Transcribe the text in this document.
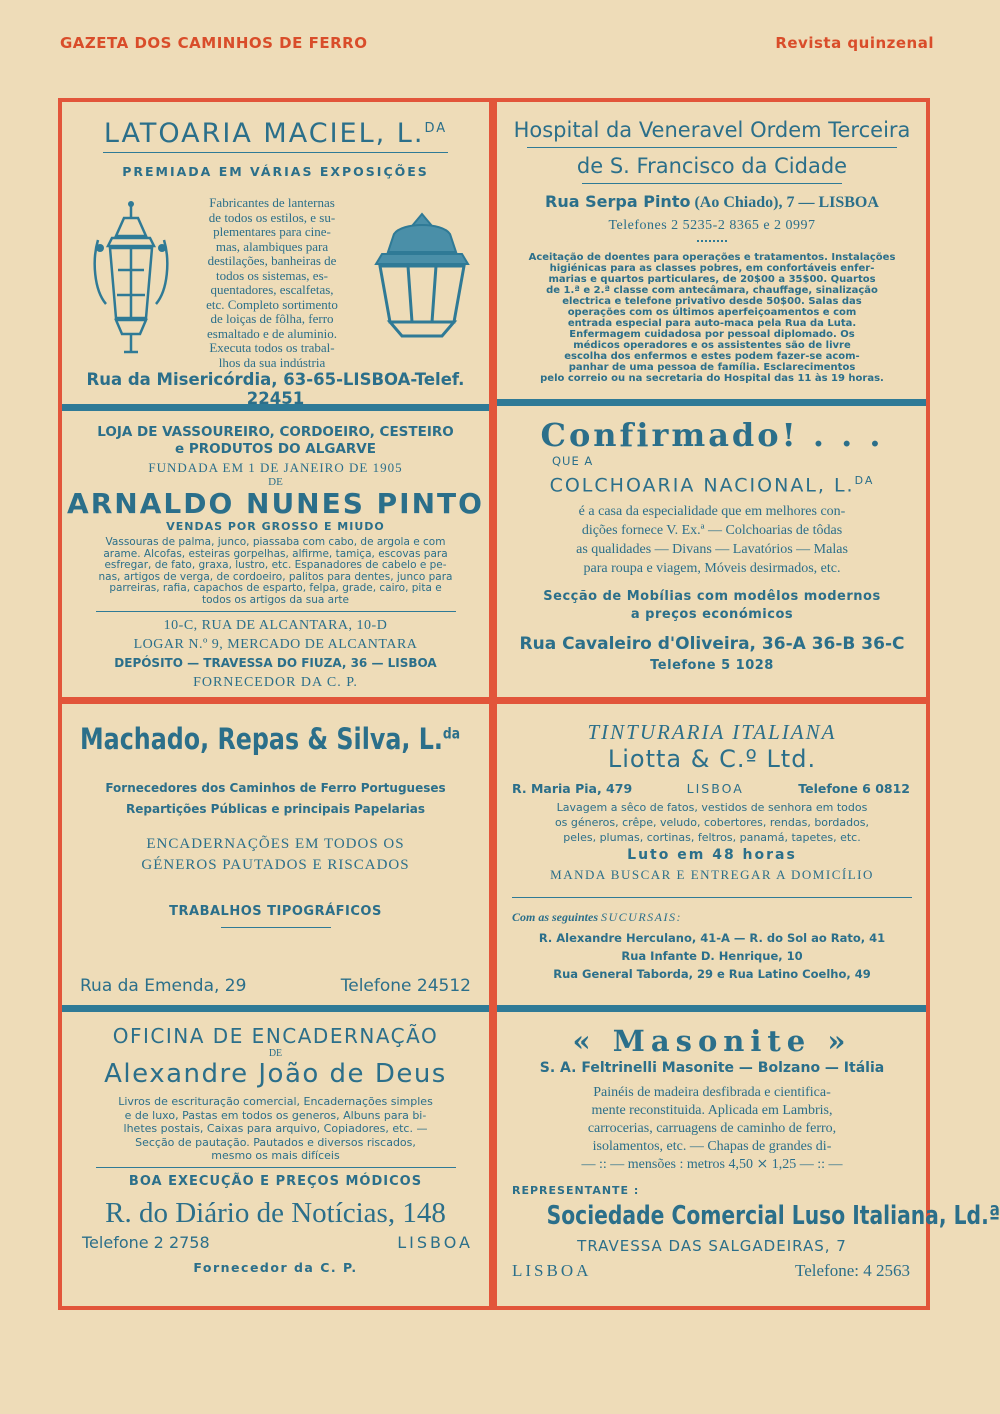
GAZETA DOS CAMINHOS DE FERRO	Revista quinzenal
LATOARIA MACIEL, L.$^{DA}$
PREMIADA EM VÁRIAS EXPOSIÇÕES
Fabricantes de lanternas
de todos os estilos, e su-
plementares para cine-
mas, alambiques para
destilações, banheiras de
todos os sistemas, es-
quentadores, escalfetas,
etc. Completo sortimento
de loiças de fôlha, ferro
esmaltado e de aluminio.
Executa todos os trabal-
lhos da sua indústria
Rua da Misericórdia, 63-65-LISBOA-Telef. 22451
Hospital da Veneravel Ordem Terceira
de S. Francisco da Cidade
Rua Serpa Pinto (Ao Chiado), 7 — LISBOA
Telefones 2 5235-2 8365 e 2 0997
Aceitação de doentes para operações e tratamentos. Instalações
higiénicas para as classes pobres, em confortáveis enfer-
marias e quartos particulares, de 20$00 a 35$00. Quartos
de 1.ª e 2.ª classe com antecâmara, chauffage, sinalização
electrica e telefone privativo desde 50$00. Salas das
operações com os últimos aperfeiçoamentos e com
entrada especial para auto-maca pela Rua da Luta.
Enfermagem cuidadosa por pessoal diplomado. Os
médicos operadores e os assistentes são de livre
escolha dos enfermos e estes podem fazer-se acom-
panhar de uma pessoa de família. Esclarecimentos
pelo correio ou na secretaria do Hospital das 11 às 19 horas.
LOJA DE VASSOUREIRO, CORDOEIRO, CESTEIRO
e PRODUTOS DO ALGARVE
FUNDADA EM 1 DE JANEIRO DE 1905
DE
ARNALDO NUNES PINTO
VENDAS POR GROSSO E MIUDO
Vassouras de palma, junco, piassaba com cabo, de argola e com
arame. Alcofas, esteiras gorpelhas, alfirme, tamiça, escovas para
esfregar, de fato, graxa, lustro, etc. Espanadores de cabelo e pe-
nas, artigos de verga, de cordoeiro, palitos para dentes, junco para
parreiras, rafia, capachos de esparto, felpa, grade, cairo, pita e
todos os artigos da sua arte
10-C, RUA DE ALCANTARA, 10-D
LOGAR N.º 9, MERCADO DE ALCANTARA
DEPÓSITO — TRAVESSA DO FIUZA, 36 — LISBOA
FORNECEDOR DA C. P.
Confirmado! . . .
QUE A
COLCHOARIA NACIONAL, L.$^{DA}$
é a casa da especialidade que em melhores con-
dições fornece V. Ex.ª — Colchoarias de tôdas
as qualidades — Divans — Lavatórios — Malas
para roupa e viagem, Móveis desirmados, etc.
Secção de Mobílias com modêlos modernos
a preços económicos
Rua Cavaleiro d'Oliveira, 36-A 36-B 36-C
Telefone 5 1028
Machado, Repas & Silva, L.$^{da}$
Fornecedores dos Caminhos de Ferro Portugueses
Repartições Públicas e principais Papelarias
ENCADERNAÇÕES EM TODOS OS
GÉNEROS PAUTADOS E RISCADOS
TRABALHOS TIPOGRÁFICOS
Rua da Emenda, 29	Telefone 24512
TINTURARIA ITALIANA
Liotta & C.º Ltd.
R. Maria Pia, 479	LISBOA	Telefone 6 0812
Lavagem a sêco de fatos, vestidos de senhora em todos
os géneros, crêpe, veludo, cobertores, rendas, bordados,
peles, plumas, cortinas, feltros, panamá, tapetes, etc.
Luto em 48 horas
MANDA BUSCAR E ENTREGAR A DOMICÍLIO
Com as seguintes SUCURSAIS:
R. Alexandre Herculano, 41-A — R. do Sol ao Rato, 41
Rua Infante D. Henrique, 10
Rua General Taborda, 29 e Rua Latino Coelho, 49
OFICINA DE ENCADERNAÇÃO
DE
Alexandre João de Deus
Livros de escrituração comercial, Encadernações simples
e de luxo, Pastas em todos os generos, Albuns para bi-
lhetes postais, Caixas para arquivo, Copiadores, etc. —
Secção de pautação. Pautados e diversos riscados,
mesmo os mais difíceis
BOA EXECUÇÃO E PREÇOS MÓDICOS
R. do Diário de Notícias, 148
Telefone 2 2758	LISBOA
Fornecedor da C. P.
« Masonite »
S. A. Feltrinelli Masonite — Bolzano — Itália
Painéis de madeira desfibrada e cientifica-
mente reconstituida. Aplicada em Lambris,
carrocerias, carruagens de caminho de ferro,
isolamentos, etc. — Chapas de grandes di-
— :: — mensões : metros 4,50 ⨯ 1,25 — :: —
REPRESENTANTE :
Sociedade Comercial Luso Italiana, Ld.ª
TRAVESSA DAS SALGADEIRAS, 7
LISBOA	Telefone: 4 2563
